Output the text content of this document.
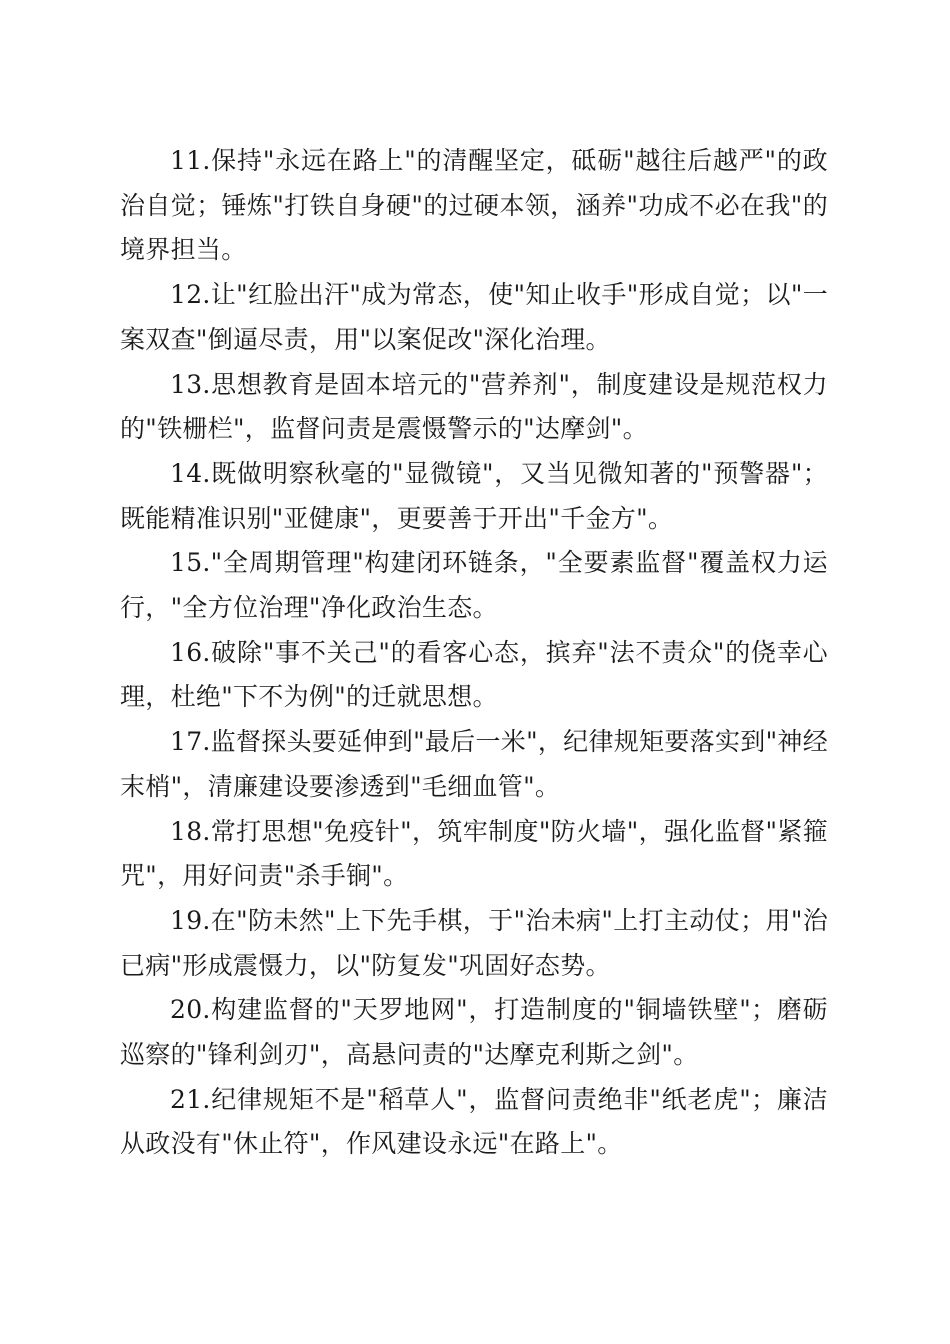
11.保持"永远在路上"的清醒坚定，砥砺"越往后越严"的政治自觉；锤炼"打铁自身硬"的过硬本领，涵养"功成不必在我"的境界担当。

12.让"红脸出汗"成为常态，使"知止收手"形成自觉；以"一案双查"倒逼尽责，用"以案促改"深化治理。

13.思想教育是固本培元的"营养剂"，制度建设是规范权力的"铁栅栏"，监督问责是震慑警示的"达摩剑"。

14.既做明察秋毫的"显微镜"，又当见微知著的"预警器"；既能精准识别"亚健康"，更要善于开出"千金方"。

15."全周期管理"构建闭环链条，"全要素监督"覆盖权力运行，"全方位治理"净化政治生态。

16.破除"事不关己"的看客心态，摈弃"法不责众"的侥幸心理，杜绝"下不为例"的迁就思想。

17.监督探头要延伸到"最后一米"，纪律规矩要落实到"神经末梢"，清廉建设要渗透到"毛细血管"。

18.常打思想"免疫针"，筑牢制度"防火墙"，强化监督"紧箍咒"，用好问责"杀手锏"。

19.在"防未然"上下先手棋，于"治未病"上打主动仗；用"治已病"形成震慑力，以"防复发"巩固好态势。

20.构建监督的"天罗地网"，打造制度的"铜墙铁壁"；磨砺巡察的"锋利剑刃"，高悬问责的"达摩克利斯之剑"。

21.纪律规矩不是"稻草人"，监督问责绝非"纸老虎"；廉洁从政没有"休止符"，作风建设永远"在路上"。
